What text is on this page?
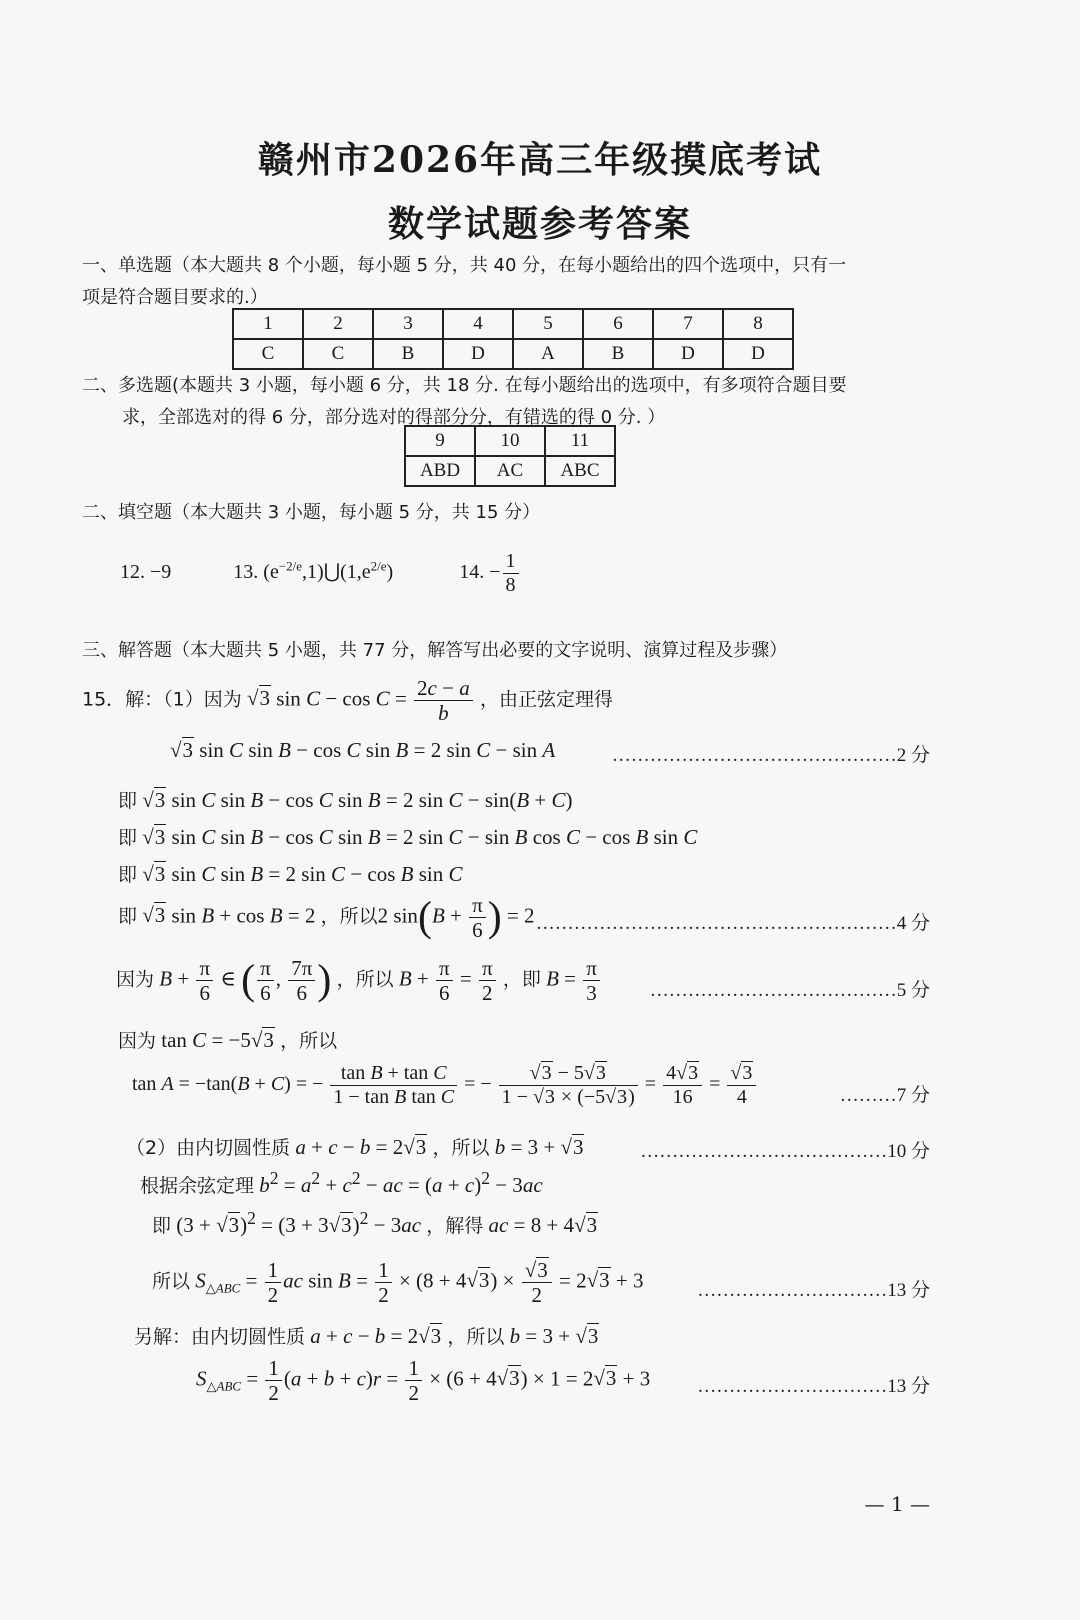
赣州市2026年高三年级摸底考试
数学试题参考答案
一、单选题（本大题共 8 个小题，每小题 5 分，共 40 分，在每小题给出的四个选项中，只有一
项是符合题目要求的.）
1	2	3	4	5	6	7	8
C	C	B	D	A	B	D	D
二、多选题(本题共 3 小题，每小题 6 分，共 18 分. 在每小题给出的选项中，有多项符合题目要
求，全部选对的得 6 分，部分选对的得部分分，有错选的得 0 分. ）
9	10	11
ABD	AC	ABC
二、填空题（本大题共 3 小题，每小题 5 分，共 15 分）
12. −9	13. $(e^{-2/e},1)⋃(1,e^{2/e})$	14. − $\frac{1}{8}$
三、解答题（本大题共 5 小题，共 77 分，解答写出必要的文字说明、演算过程及步骤）
15．解：（1）因为 √3 $\sin C - \cos C = \frac{2c - a}{b}$ ，由正弦定理得
√3 sin C sin B − cos C sin B = 2 sin C − sin A	………………………………………2 分
即 √3 sin C sin B − cos C sin B = 2 sin C − sin(B + C)
即 √3 sin C sin B − cos C sin B = 2 sin C − sin B cos C − cos B sin C
即 √3 sin C sin B = 2 sin C − cos B sin C
即 √3 sin B + cos B = 2 ，所以2 $\sin(B + \frac{\pi}{6}$ ) = 2 …………………………………………………4 分
因为 $B + \frac{\pi}{6}$ ∈ ( $\frac{\pi}{6}$ , $\frac{7\pi}{6}$ ) ，所以 $B + \frac{\pi}{6} = \frac{\pi}{2}$ ，即 $B = \frac{\pi}{3}$	…………………………………5 分
因为 tan C = −5√3 ，所以
tan A = −tan(B + C) = − $\frac{\text{tan B + tan C}}{\text{1 − tan B tan C}}$ = − $\frac{√3 - 5√3}{1 - √3 \times (-5√3)} = \frac{4√3}{16} = \frac{√3}{4}$	………7 分
（2）由内切圆性质 a + c − b = 2√3 ，所以 b = 3 + √3	…………………………………10 分
根据余弦定理 $b^2 = a^2 + c^2$ − ac = $(a + c)^2 - 3ac$
即 $(3 + √3)^2 = (3 + 3√3)^2 - 3ac$ ，解得 ac = 8 + 4√3
所以 $S_{\triangle ABC} = \frac{1}{2}$ ac $\sin B = \frac{1}{2} \times (8 + 4√3) \times \frac{√3}{2} = 2√3 + 3$	…………………………13 分
另解：由内切圆性质 a + c − b = 2√3 ，所以 b = 3 + √3
$S_{\triangle ABC} = \frac{1}{2} (a + b + c)r = \frac{1}{2} \times (6 + 4√3) \times 1 = 2√3 + 3$ …………………………13 分
— 1 —
